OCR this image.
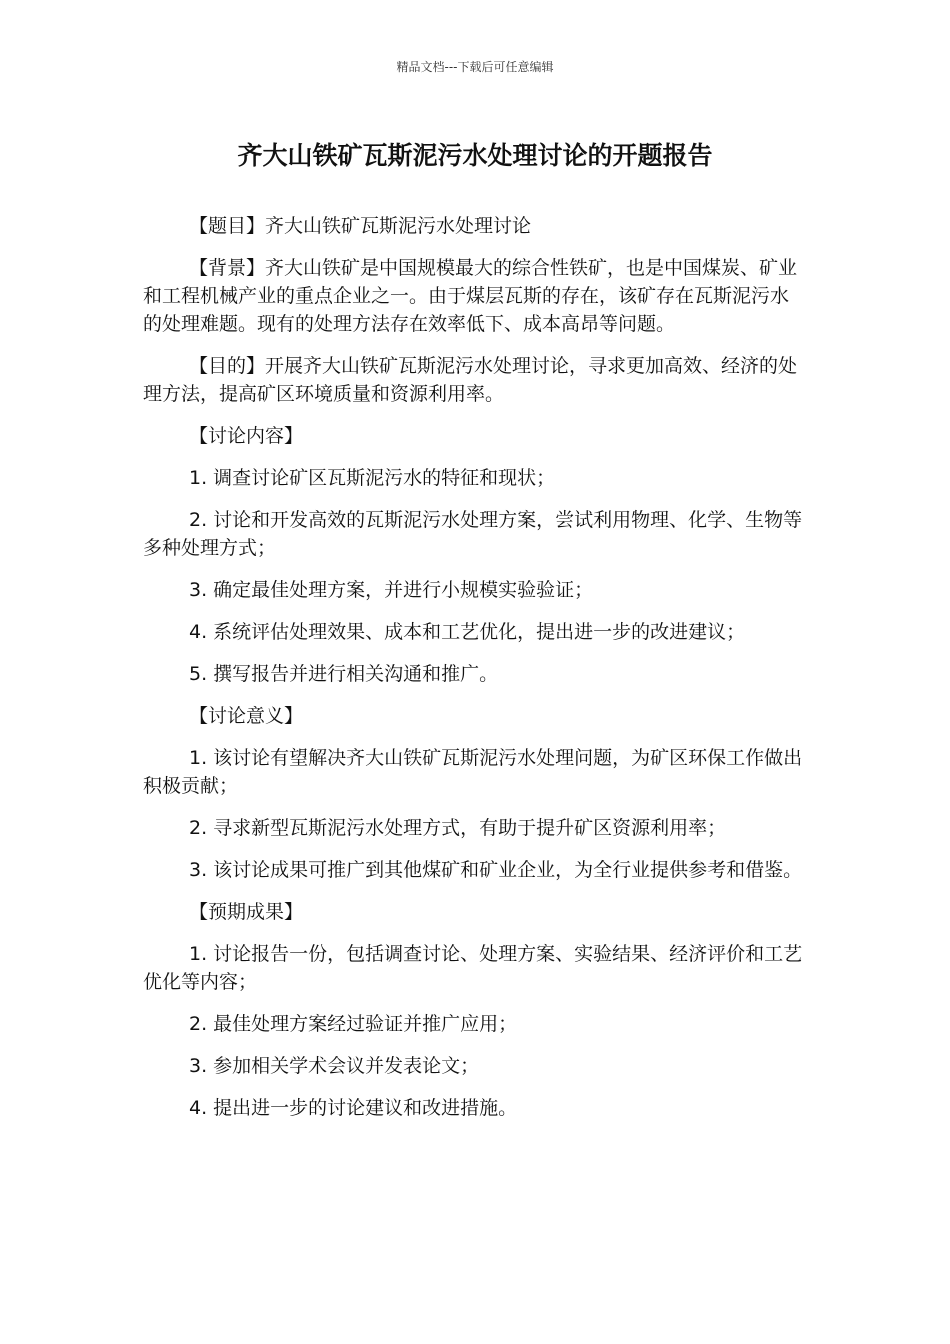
精品文档---下载后可任意编辑
齐大山铁矿瓦斯泥污水处理讨论的开题报告

【题目】齐大山铁矿瓦斯泥污水处理讨论

【背景】齐大山铁矿是中国规模最大的综合性铁矿，也是中国煤炭、矿业和工程机械产业的重点企业之一。由于煤层瓦斯的存在，该矿存在瓦斯泥污水的处理难题。现有的处理方法存在效率低下、成本高昂等问题。

【目的】开展齐大山铁矿瓦斯泥污水处理讨论，寻求更加高效、经济的处理方法，提高矿区环境质量和资源利用率。

【讨论内容】

1. 调查讨论矿区瓦斯泥污水的特征和现状；

2. 讨论和开发高效的瓦斯泥污水处理方案，尝试利用物理、化学、生物等多种处理方式；

3. 确定最佳处理方案，并进行小规模实验验证；

4. 系统评估处理效果、成本和工艺优化，提出进一步的改进建议；

5. 撰写报告并进行相关沟通和推广。

【讨论意义】

1. 该讨论有望解决齐大山铁矿瓦斯泥污水处理问题，为矿区环保工作做出积极贡献；

2. 寻求新型瓦斯泥污水处理方式，有助于提升矿区资源利用率；

3. 该讨论成果可推广到其他煤矿和矿业企业，为全行业提供参考和借鉴。

【预期成果】

1. 讨论报告一份，包括调查讨论、处理方案、实验结果、经济评价和工艺优化等内容；

2. 最佳处理方案经过验证并推广应用；

3. 参加相关学术会议并发表论文；

4. 提出进一步的讨论建议和改进措施。
